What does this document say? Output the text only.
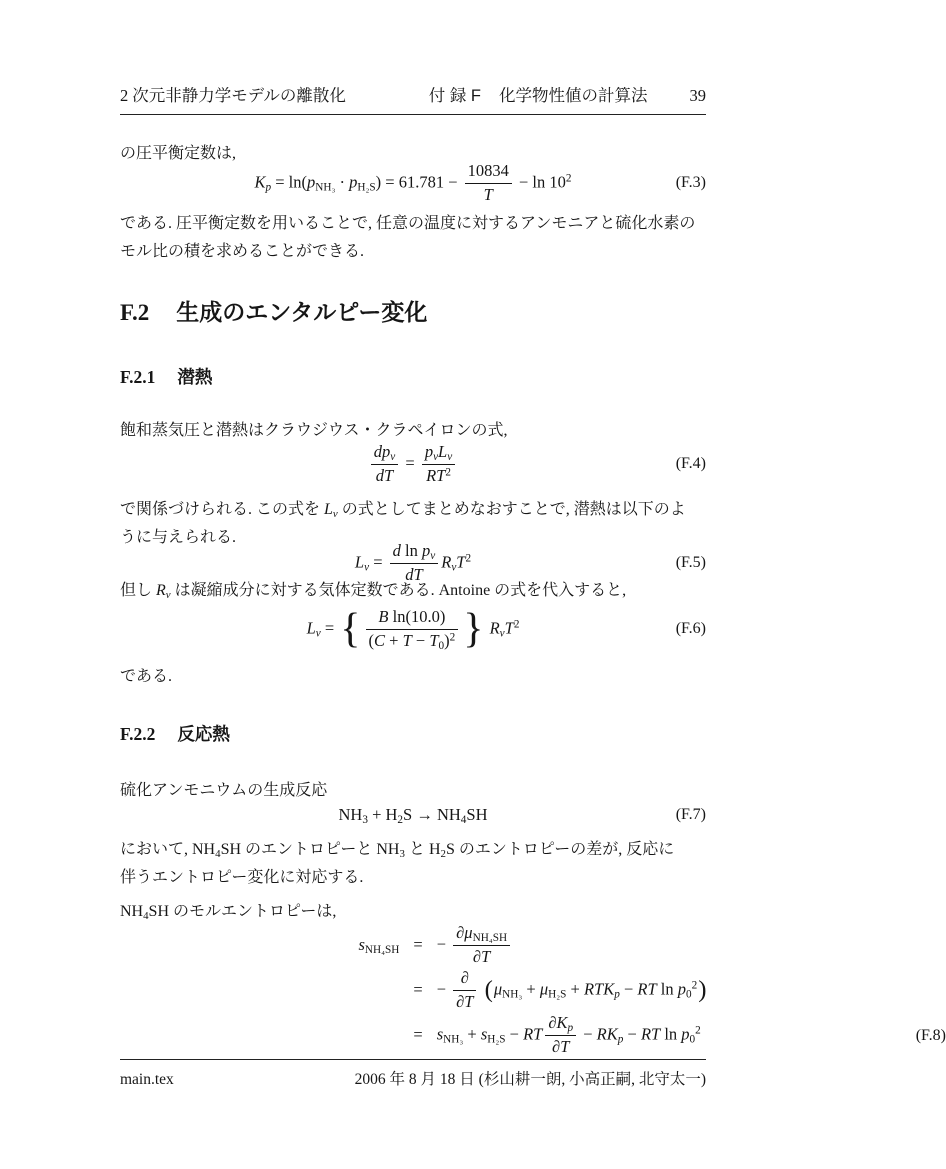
2 次元非静力学モデルの離散化	付 録 F 化学物性値の計算法	39

の圧平衡定数は,

$K_p = \ln(p_{NH_3} \cdot p_{H_2S}) = 61.781 - \frac{10834}{T} - \ln 10^2$	(F.3)

である. 圧平衡定数を用いることで, 任意の温度に対するアンモニアと硫化水素の
モル比の積を求めることができる.

F.2 生成のエンタルピー変化
F.2.1 潜熱

飽和蒸気圧と潜熱はクラウジウス・クラペイロンの式,

$\frac{dp_v}{dT} = \frac{p_vL_v}{RT^2}$	(F.4)

で関係づけられる. この式を $L_v$ の式としてまとめなおすことで, 潜熱は以下のよ
うに与えられる.

$L_v = \frac{d \ln p_v}{dT} R_vT^2$	(F.5)

但し $R_v$ は凝縮成分に対する気体定数である. Antoine の式を代入すると,

$L_v$ = { $\frac{\text{B ln(10.0)}}{(C + T - T_0)^2}$ } $R_vT^2$	(F.6)

である.

F.2.2 反応熱

硫化アンモニウムの生成反応

$NH_3 + H_2S \to NH_4SH$	(F.7)

において, $NH_4SH$ のエントロピーと $NH_3$ と $H_2S$ のエントロピーの差が, 反応に
伴うエントロピー変化に対応する.

$NH_4SH$ のモルエントロピーは,

$s_{NH_4SH}$ = − $\frac{\partial\mu_{NH_4SH}}{\partial T}$
= − $\frac{\partial}{\partial T} (\mu_{NH_3} + \mu_{H_2S} + RTK_p$ − RT $\ln p_0^2$)
= $s_{NH_3} + s_{H_2S}$ − RT $\frac{\partial K_p}{\partial T} - RK_p$ − RT $\ln p_0^2$	(F.8)
main.tex	2006 年 8 月 18 日 (杉山耕一朗, 小高正嗣, 北守太一)
